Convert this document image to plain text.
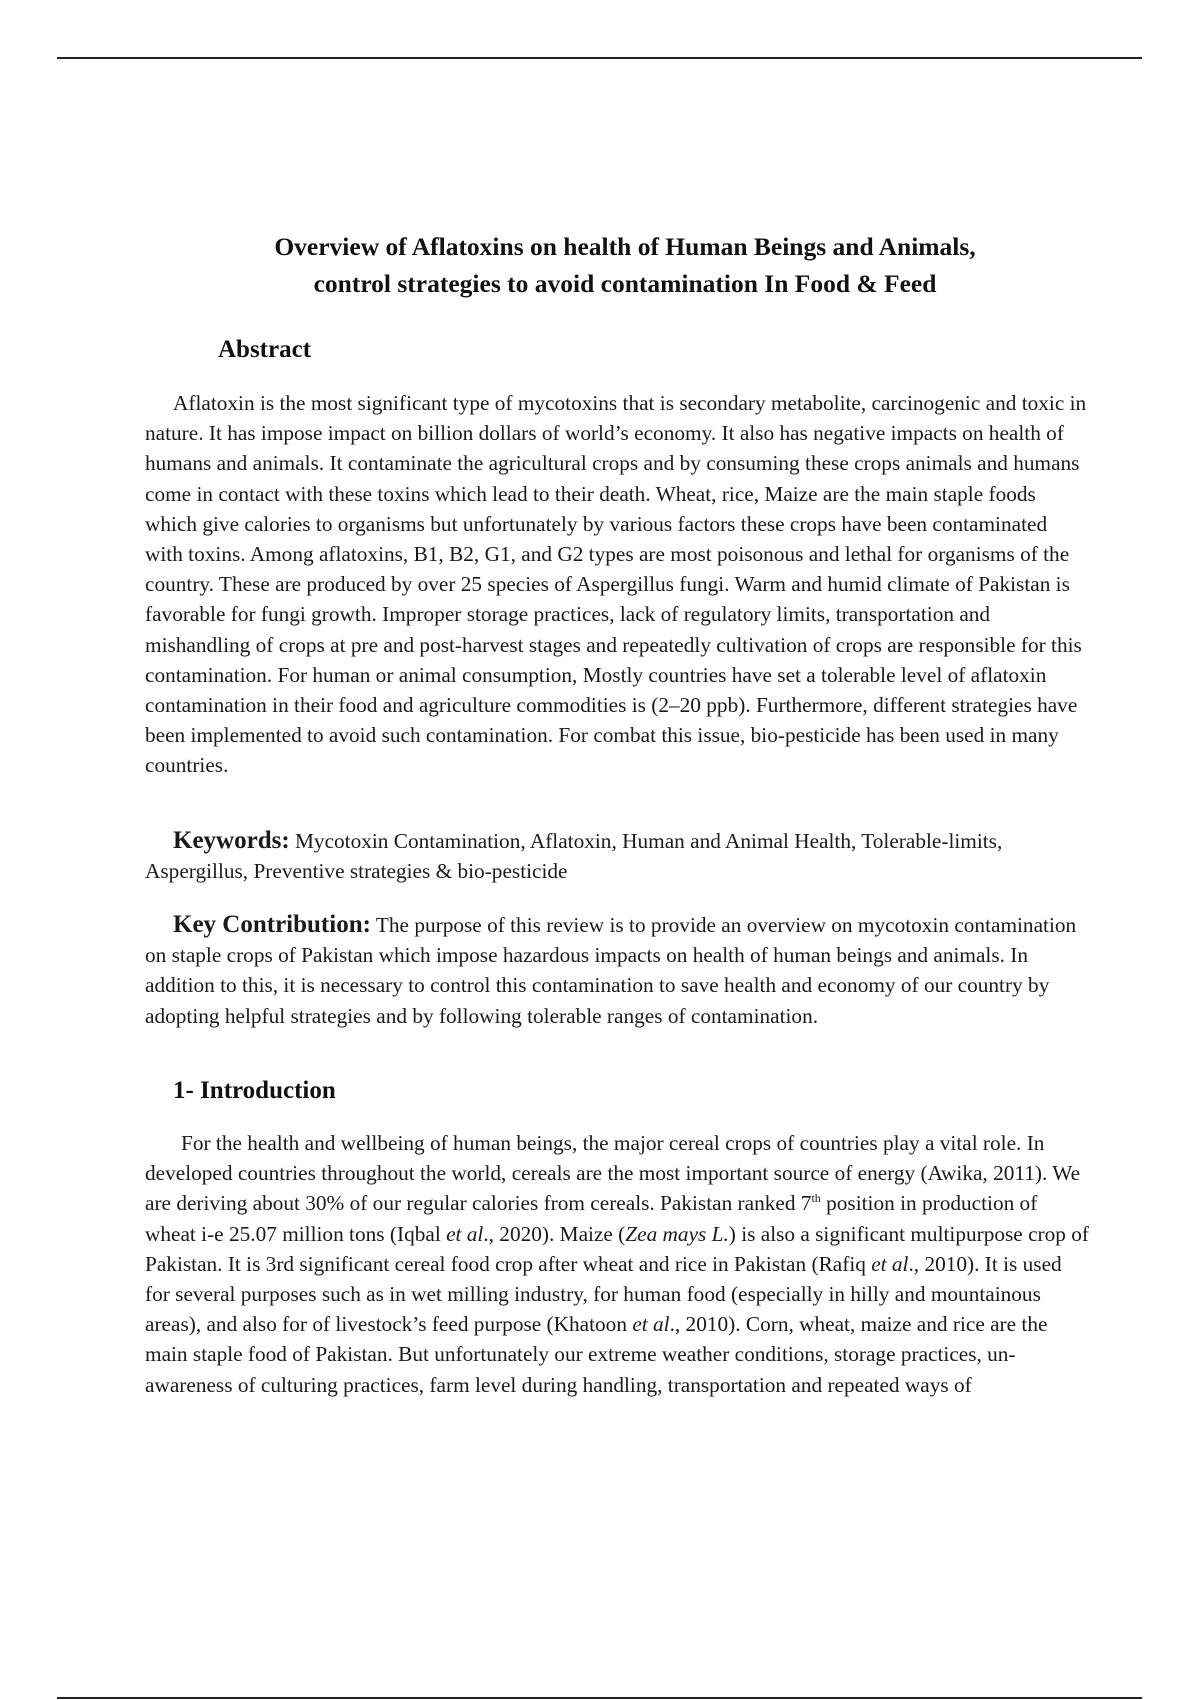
Overview of Aflatoxins on health of Human Beings and Animals,
control strategies to avoid contamination In Food & Feed
Abstract
Aflatoxin is the most significant type of mycotoxins that is secondary metabolite, carcinogenic and toxic in nature. It has impose impact on billion dollars of world’s economy. It also has negative impacts on health of humans and animals. It contaminate the agricultural crops and by consuming these crops animals and humans come in contact with these toxins which lead to their death. Wheat, rice, Maize are the main staple foods which give calories to organisms but unfortunately by various factors these crops have been contaminated with toxins. Among aflatoxins, B1, B2, G1, and G2 types are most poisonous and lethal for organisms of the country. These are produced by over 25 species of Aspergillus fungi. Warm and humid climate of Pakistan is favorable for fungi growth. Improper storage practices, lack of regulatory limits, transportation and mishandling of crops at pre and post-harvest stages and repeatedly cultivation of crops are responsible for this contamination. For human or animal consumption, Mostly countries have set a tolerable level of aflatoxin contamination in their food and agriculture commodities is (2–20 ppb). Furthermore, different strategies have been implemented to avoid such contamination. For combat this issue, bio-pesticide has been used in many countries.
Keywords: Mycotoxin Contamination, Aflatoxin, Human and Animal Health, Tolerable-limits, Aspergillus, Preventive strategies & bio-pesticide
Key Contribution: The purpose of this review is to provide an overview on mycotoxin contamination on staple crops of Pakistan which impose hazardous impacts on health of human beings and animals. In addition to this, it is necessary to control this contamination to save health and economy of our country by adopting helpful strategies and by following tolerable ranges of contamination.
1- Introduction
For the health and wellbeing of human beings, the major cereal crops of countries play a vital role. In developed countries throughout the world, cereals are the most important source of energy (Awika, 2011). We are deriving about 30% of our regular calories from cereals. Pakistan ranked 7th position in production of wheat i-e 25.07 million tons (Iqbal et al., 2020). Maize (Zea mays L.) is also a significant multipurpose crop of Pakistan. It is 3rd significant cereal food crop after wheat and rice in Pakistan (Rafiq et al., 2010). It is used for several purposes such as in wet milling industry, for human food (especially in hilly and mountainous areas), and also for of livestock’s feed purpose (Khatoon et al., 2010). Corn, wheat, maize and rice are the main staple food of Pakistan. But unfortunately our extreme weather conditions, storage practices, un-awareness of culturing practices, farm level during handling, transportation and repeated ways of
